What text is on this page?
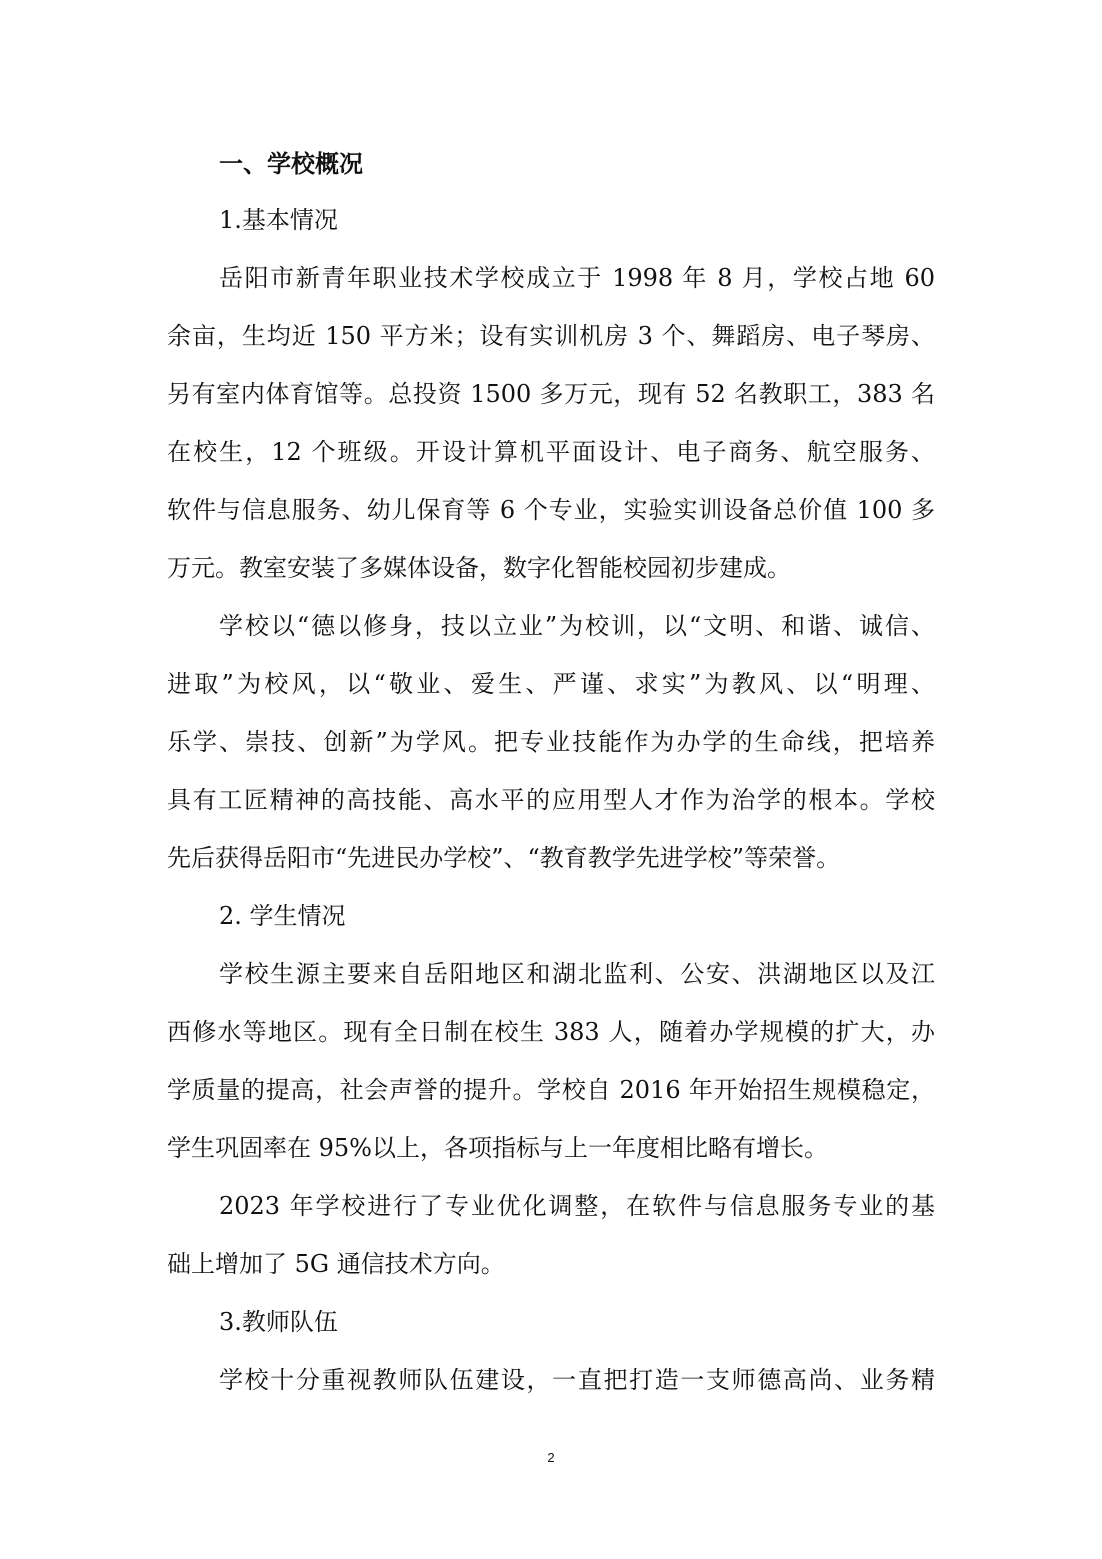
一、学校概况
1.基本情况
岳阳市新青年职业技术学校成立于 1998 年 8 月，学校占地 60
余亩，生均近 150 平方米；设有实训机房 3 个、舞蹈房、电子琴房、
另有室内体育馆等。总投资 1500 多万元，现有 52 名教职工，383 名
在校生，12 个班级。开设计算机平面设计、电子商务、航空服务、
软件与信息服务、幼儿保育等 6 个专业，实验实训设备总价值 100 多
万元。教室安装了多媒体设备，数字化智能校园初步建成。
学校以“德以修身，技以立业”为校训，以“文明、和谐、诚信、
进取”为校风，以“敬业、爱生、严谨、求实”为教风、以“明理、
乐学、崇技、创新”为学风。把专业技能作为办学的生命线，把培养
具有工匠精神的高技能、高水平的应用型人才作为治学的根本。学校
先后获得岳阳市“先进民办学校”、“教育教学先进学校”等荣誉。
2. 学生情况
学校生源主要来自岳阳地区和湖北监利、公安、洪湖地区以及江
西修水等地区。现有全日制在校生 383 人，随着办学规模的扩大，办
学质量的提高，社会声誉的提升。学校自 2016 年开始招生规模稳定，
学生巩固率在 95%以上，各项指标与上一年度相比略有增长。
2023 年学校进行了专业优化调整，在软件与信息服务专业的基
础上增加了 5G 通信技术方向。
3.教师队伍
学校十分重视教师队伍建设，一直把打造一支师德高尚、业务精
2
